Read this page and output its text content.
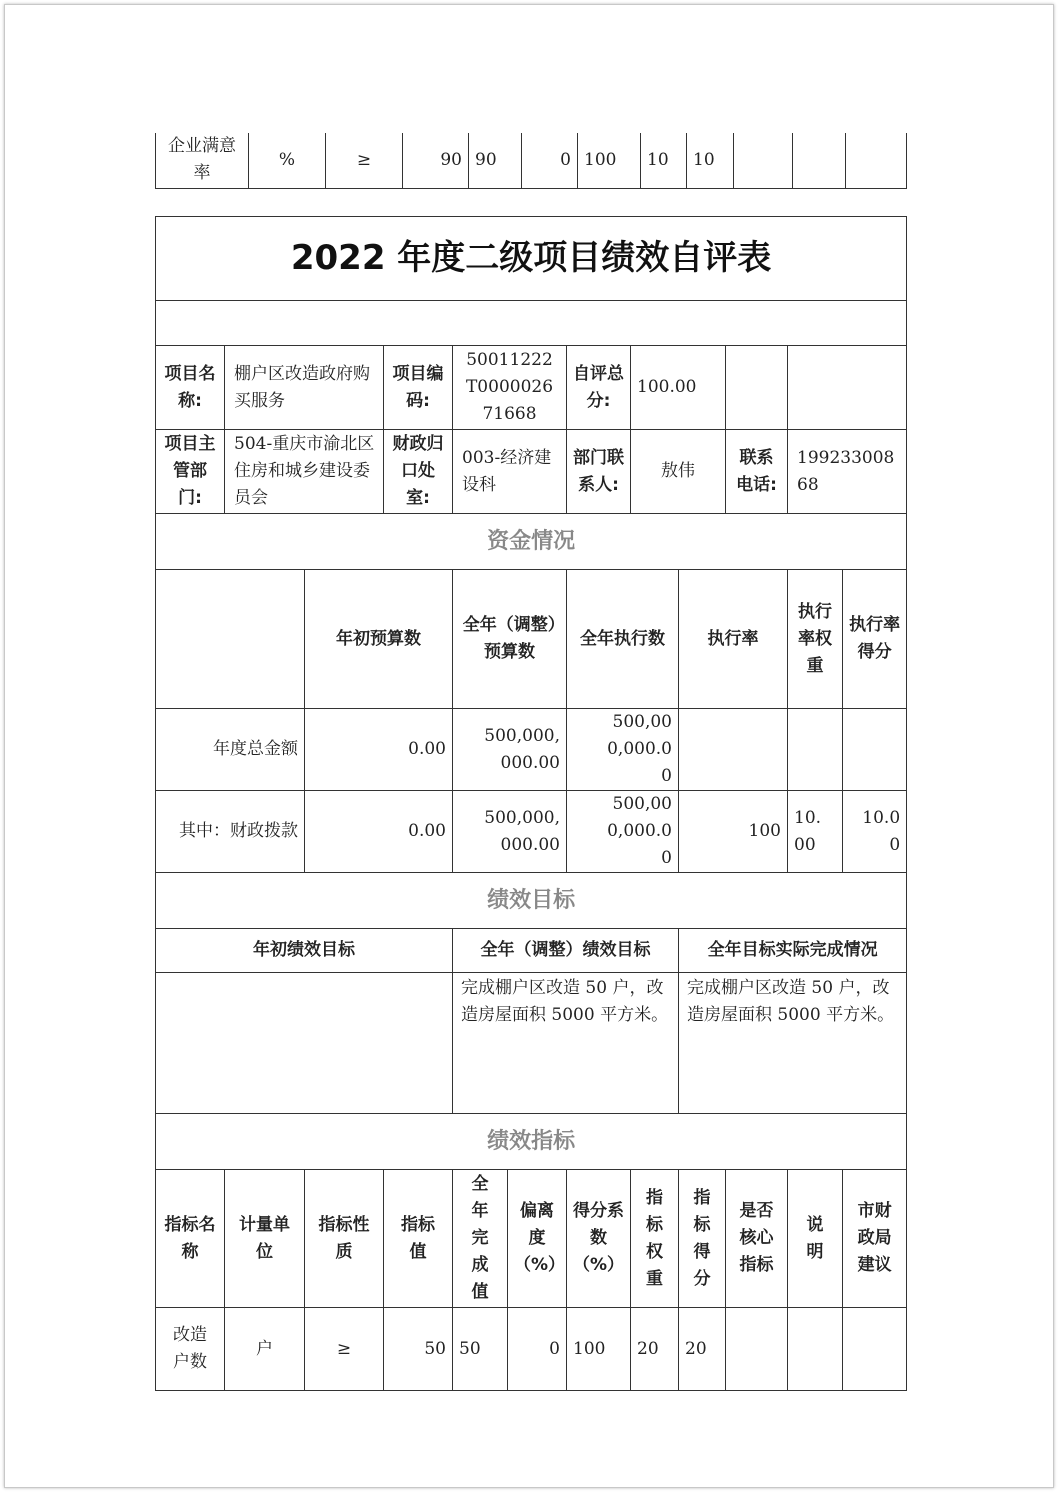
企业满意率	%	≥	90	90	0	100	10	10			
2022 年度二级项目绩效自评表											

项目名称:	棚户区改造政府购买服务		项目编码:	50011222T000002671668		自评总分:	100.00				
项目主管部门:	504-重庆市渝北区住房和城乡建设委员会		财政归口处室:	003-经济建设科		部门联系人:	敖伟		联系电话:	19923300868	
资金情况											
		年初预算数		全年（调整）预算数		全年执行数		执行率		执行率权重	执行率得分
年度总金额		0.00		500,000,000.00		500,000,000.00					
其中：财政拨款		0.00		500,000,000.00		500,000,000.00		100		10.00	10.00
绩效目标											
年初绩效目标				全年（调整）绩效目标				全年目标实际完成情况			
				完成棚户区改造 50 户，改造房屋面积 5000 平方米。				完成棚户区改造 50 户，改造房屋面积 5000 平方米。			
绩效指标											
指标名称	计量单位	指标性质	指标值	全年完成值	偏离度（%）	得分系数（%）	指标权重	指标得分	是否核心指标	说明	市财政局建议
改造户数	户	≥	50	50	0	100	20	20			
